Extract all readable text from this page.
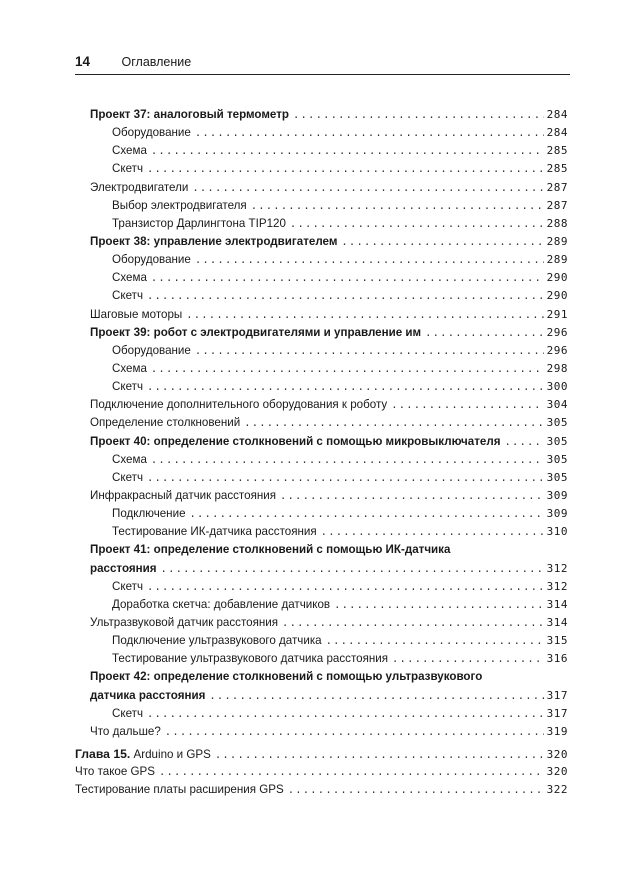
14	Оглавление
Проект 37: аналоговый термометр .....	284
Оборудование .....	284
Схема .....	285
Скетч .....	285
Электродвигатели .....	287
Выбор электродвигателя .....	287
Транзистор Дарлингтона TIP120 .....	288
Проект 38: управление электродвигателем .....	289
Оборудование .....	289
Схема .....	290
Скетч .....	290
Шаговые моторы .....	291
Проект 39: робот с электродвигателями и управление им .....	296
Оборудование .....	296
Схема .....	298
Скетч .....	300
Подключение дополнительного оборудования к роботу .....	304
Определение столкновений .....	305
Проект 40: определение столкновений с помощью микровыключателя .....	305
Схема .....	305
Скетч .....	305
Инфракрасный датчик расстояния .....	309
Подключение .....	309
Тестирование ИК-датчика расстояния .....	310
Проект 41: определение столкновений с помощью ИК-датчика
расстояния .....	312
Скетч .....	312
Доработка скетча: добавление датчиков .....	314
Ультразвуковой датчик расстояния .....	314
Подключение ультразвукового датчика .....	315
Тестирование ультразвукового датчика расстояния .....	316
Проект 42: определение столкновений с помощью ультразвукового
датчика расстояния .....	317
Скетч .....	317
Что дальше? .....	319
Глава 15. Arduino и GPS .....	320
Что такое GPS .....	320
Тестирование платы расширения GPS .....	322
